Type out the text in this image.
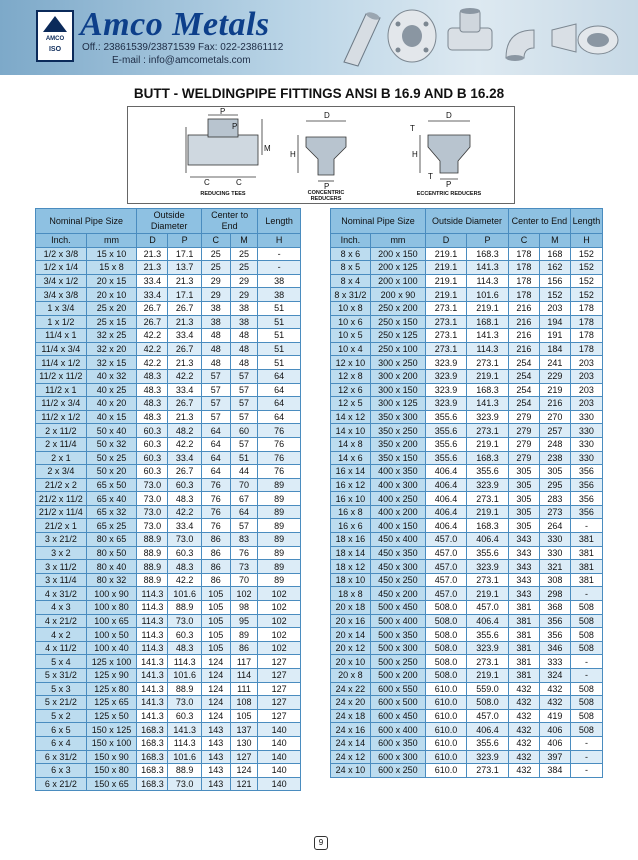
AMCO
ISO
Amco Metals
Off.: 23861539/23871539 Fax: 022-23861112
E-mail : info@amcometals.com
BUTT - WELDINGPIPE FITTINGS ANSI B 16.9 AND B 16.28
P
P
M
C	C
D
H
P
D
T
H
T
P
REDUCING TEES	CONCENTRIC
REDUCERS
ECCENTRIC REDUCERS
Nominal Pipe Size		Outside Diameter		Center to End		Length
Inch.	mm	D	P	C	M	H
1/2 x 3/8	15 x 10	21.3	17.1	25	25	-
1/2 x 1/4	15 x 8	21.3	13.7	25	25	-
3/4 x 1/2	20 x 15	33.4	21.3	29	29	38
3/4 x 3/8	20 x 10	33.4	17.1	29	29	38
1 x 3/4	25 x 20	26.7	26.7	38	38	51
1 x 1/2	25 x 15	26.7	21.3	38	38	51
11/4 x 1	32 x 25	42.2	33.4	48	48	51
11/4 x 3/4	32 x 20	42.2	26.7	48	48	51
11/4 x 1/2	32 x 15	42.2	21.3	48	48	51
11/2 x 11/2	40 x 32	48.3	42.2	57	57	64
11/2 x 1	40 x 25	48.3	33.4	57	57	64
11/2 x 3/4	40 x 20	48.3	26.7	57	57	64
11/2 x 1/2	40 x 15	48.3	21.3	57	57	64
2 x 11/2	50 x 40	60.3	48.2	64	60	76
2 x 11/4	50 x 32	60.3	42.2	64	57	76
2 x 1	50 x 25	60.3	33.4	64	51	76
2 x 3/4	50 x 20	60.3	26.7	64	44	76
21/2 x 2	65 x 50	73.0	60.3	76	70	89
21/2 x 11/2	65 x 40	73.0	48.3	76	67	89
21/2 x 11/4	65 x 32	73.0	42.2	76	64	89
21/2 x 1	65 x 25	73.0	33.4	76	57	89
3 x 21/2	80 x 65	88.9	73.0	86	83	89
3 x 2	80 x 50	88.9	60.3	86	76	89
3 x 11/2	80 x 40	88.9	48.3	86	73	89
3 x 11/4	80 x 32	88.9	42.2	86	70	89
4 x 31/2	100 x 90	114.3	101.6	105	102	102
4 x 3	100 x 80	114.3	88.9	105	98	102
4 x 21/2	100 x 65	114.3	73.0	105	95	102
4 x 2	100 x 50	114.3	60.3	105	89	102
4 x 11/2	100 x 40	114.3	48.3	105	86	102
5 x 4	125 x 100	141.3	114.3	124	117	127
5 x 31/2	125 x 90	141.3	101.6	124	114	127
5 x 3	125 x 80	141.3	88.9	124	111	127
5 x 21/2	125 x 65	141.3	73.0	124	108	127
5 x 2	125 x 50	141.3	60.3	124	105	127
6 x 5	150 x 125	168.3	141.3	143	137	140
6 x 4	150 x 100	168.3	114.3	143	130	140
6 x 31/2	150 x 90	168.3	101.6	143	127	140
6 x 3	150 x 80	168.3	88.9	143	124	140
6 x 21/2	150 x 65	168.3	73.0	143	121	140
Nominal Pipe Size		Outside Diameter		Center to End		Length
Inch.	mm	D	P	C	M	H
8 x 6	200 x 150	219.1	168.3	178	168	152
8 x 5	200 x 125	219.1	141.3	178	162	152
8 x 4	200 x 100	219.1	114.3	178	156	152
8 x 31/2	200 x 90	219.1	101.6	178	152	152
10 x 8	250 x 200	273.1	219.1	216	203	178
10 x 6	250 x 150	273.1	168.1	216	194	178
10 x 5	250 x 125	273.1	141.3	216	191	178
10 x 4	250 x 100	273.1	114.3	216	184	178
12 x 10	300 x 250	323.9	273.1	254	241	203
12 x 8	300 x 200	323.9	219.1	254	229	203
12 x 6	300 x 150	323.9	168.3	254	219	203
12 x 5	300 x 125	323.9	141.3	254	216	203
14 x 12	350 x 300	355.6	323.9	279	270	330
14 x 10	350 x 250	355.6	273.1	279	257	330
14 x 8	350 x 200	355.6	219.1	279	248	330
14 x 6	350 x 150	355.6	168.3	279	238	330
16 x 14	400 x 350	406.4	355.6	305	305	356
16 x 12	400 x 300	406.4	323.9	305	295	356
16 x 10	400 x 250	406.4	273.1	305	283	356
16 x 8	400 x 200	406.4	219.1	305	273	356
16 x 6	400 x 150	406.4	168.3	305	264	-
18 x 16	450 x 400	457.0	406.4	343	330	381
18 x 14	450 x 350	457.0	355.6	343	330	381
18 x 12	450 x 300	457.0	323.9	343	321	381
18 x 10	450 x 250	457.0	273.1	343	308	381
18 x 8	450 x 200	457.0	219.1	343	298	-
20 x 18	500 x 450	508.0	457.0	381	368	508
20 x 16	500 x 400	508.0	406.4	381	356	508
20 x 14	500 x 350	508.0	355.6	381	356	508
20 x 12	500 x 300	508.0	323.9	381	346	508
20 x 10	500 x 250	508.0	273.1	381	333	-
20 x 8	500 x 200	508.0	219.1	381	324	-
24 x 22	600 x 550	610.0	559.0	432	432	508
24 x 20	600 x 500	610.0	508.0	432	432	508
24 x 18	600 x 450	610.0	457.0	432	419	508
24 x 16	600 x 400	610.0	406.4	432	406	508
24 x 14	600 x 350	610.0	355.6	432	406	-
24 x 12	600 x 300	610.0	323.9	432	397	-
24 x 10	600 x 250	610.0	273.1	432	384	-
9
